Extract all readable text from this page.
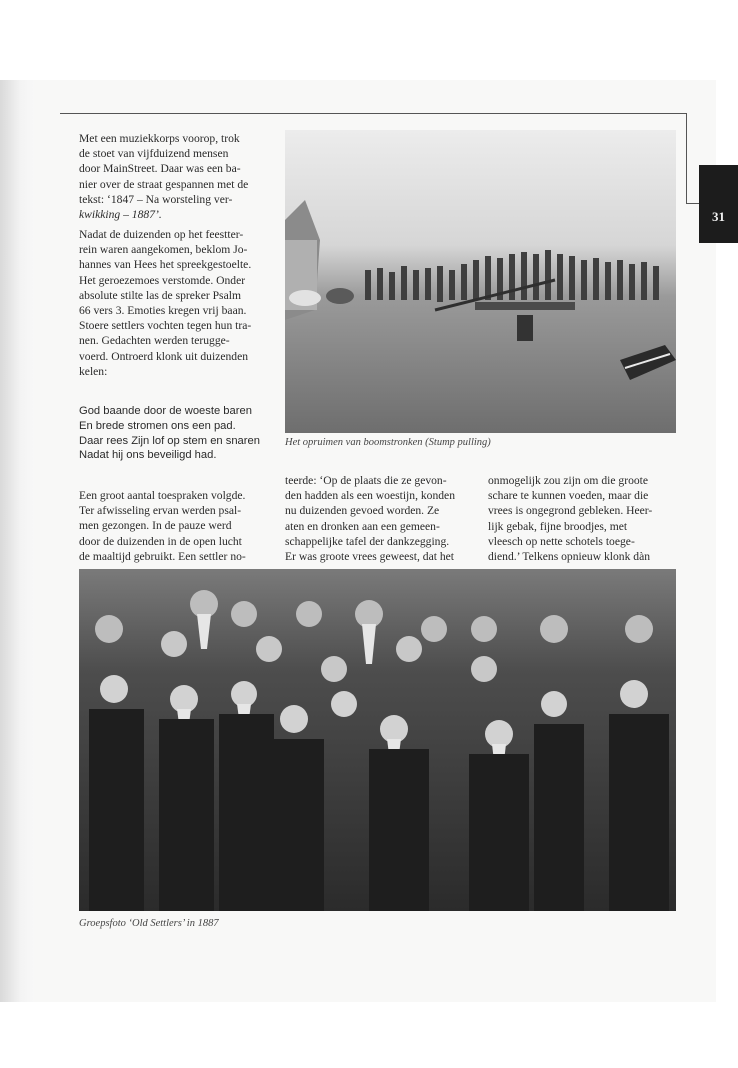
31

Met een muziekkorps voorop, trok
de stoet van vijfduizend mensen
door MainStreet. Daar was een ba-
nier over de straat gespannen met de
tekst: ‘1847 – Na worsteling ver-
kwikking – 1887’.

Nadat de duizenden op het feestter-
rein waren aangekomen, beklom Jo-
hannes van Hees het spreekgestoelte.
Het geroezemoes verstomde. Onder
absolute stilte las de spreker Psalm
66 vers 3. Emoties kregen vrij baan.
Stoere settlers vochten tegen hun tra-
nen. Gedachten werden terugge-
voerd. Ontroerd klonk uit duizenden
kelen:

God baande door de woeste baren
En brede stromen ons een pad.
Daar rees Zijn lof op stem en snaren
Nadat hij ons beveiligd had.

Een groot aantal toespraken volgde.
Ter afwisseling ervan werden psal-
men gezongen. In de pauze werd
door de duizenden in de open lucht
de maaltijd gebruikt. Een settler no-

Het opruimen van boomstronken (Stump pulling)

teerde: ‘Op de plaats die ze gevon-
den hadden als een woestijn, konden
nu duizenden gevoed worden. Ze
aten en dronken aan een gemeen-
schappelijke tafel der dankzegging.
Er was groote vrees geweest, dat het

onmogelijk zou zijn om die groote
schare te kunnen voeden, maar die
vrees is ongegrond gebleken. Heer-
lijk gebak, fijne broodjes, met
vleesch op nette schotels toege-
diend.’ Telkens opnieuw klonk dàn

Groepsfoto ‘Old Settlers’ in 1887
